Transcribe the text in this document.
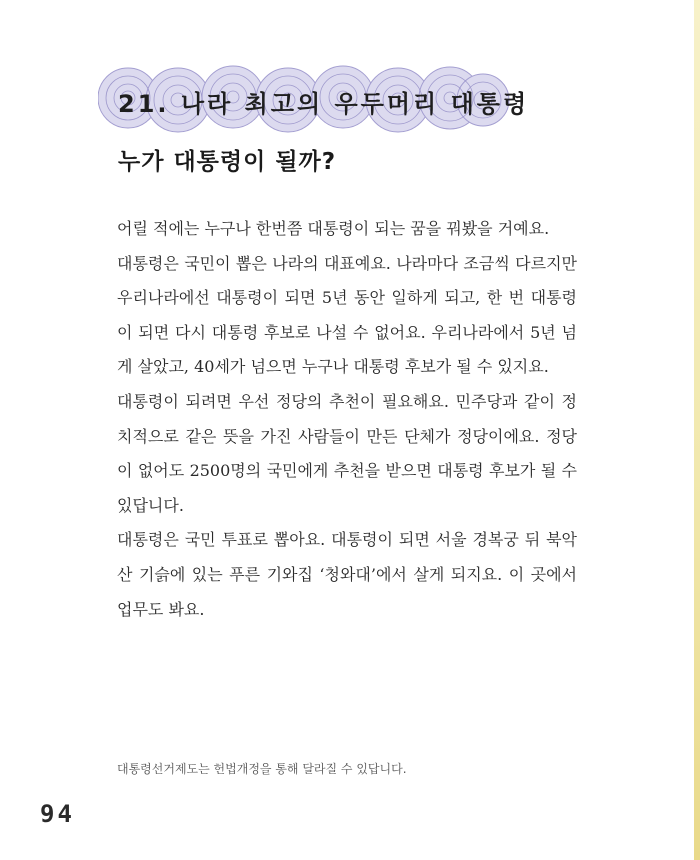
21. 나라 최고의 우두머리 대통령
누가 대통령이 될까?

어릴 적에는 누구나 한번쯤 대통령이 되는 꿈을 꿔봤을 거예요.

대통령은 국민이 뽑은 나라의 대표예요. 나라마다 조금씩 다르지만 우리나라에선 대통령이 되면 5년 동안 일하게 되고, 한 번 대통령이 되면 다시 대통령 후보로 나설 수 없어요. 우리나라에서 5년 넘게 살았고, 40세가 넘으면 누구나 대통령 후보가 될 수 있지요.

대통령이 되려면 우선 정당의 추천이 필요해요. 민주당과 같이 정치적으로 같은 뜻을 가진 사람들이 만든 단체가 정당이에요. 정당이 없어도 2500명의 국민에게 추천을 받으면 대통령 후보가 될 수 있답니다.

대통령은 국민 투표로 뽑아요. 대통령이 되면 서울 경복궁 뒤 북악산 기슭에 있는 푸른 기와집 ‘청와대’에서 살게 되지요. 이 곳에서 업무도 봐요.

대통령선거제도는 헌법개정을 통해 달라질 수 있답니다.
94
